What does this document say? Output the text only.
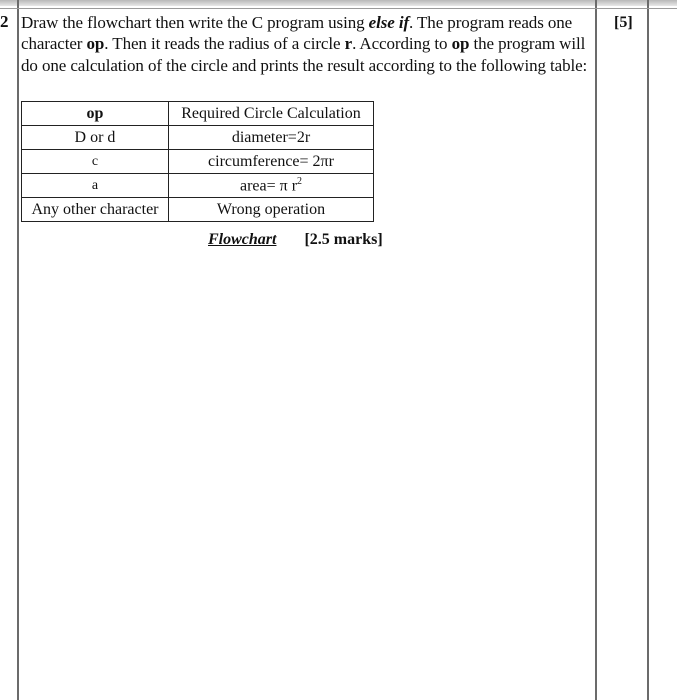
2	[5]
Draw the flowchart then write the C program using else if. The program reads one character op. Then it reads the radius of a circle r. According to op the program will do one calculation of the circle and prints the result according to the following table:
op	Required Circle Calculation
D or d	diameter=2r
c	circumference= 2πr
a	area= π $r^2$
Any other character	Wrong operation
Flowchart [2.5 marks]
